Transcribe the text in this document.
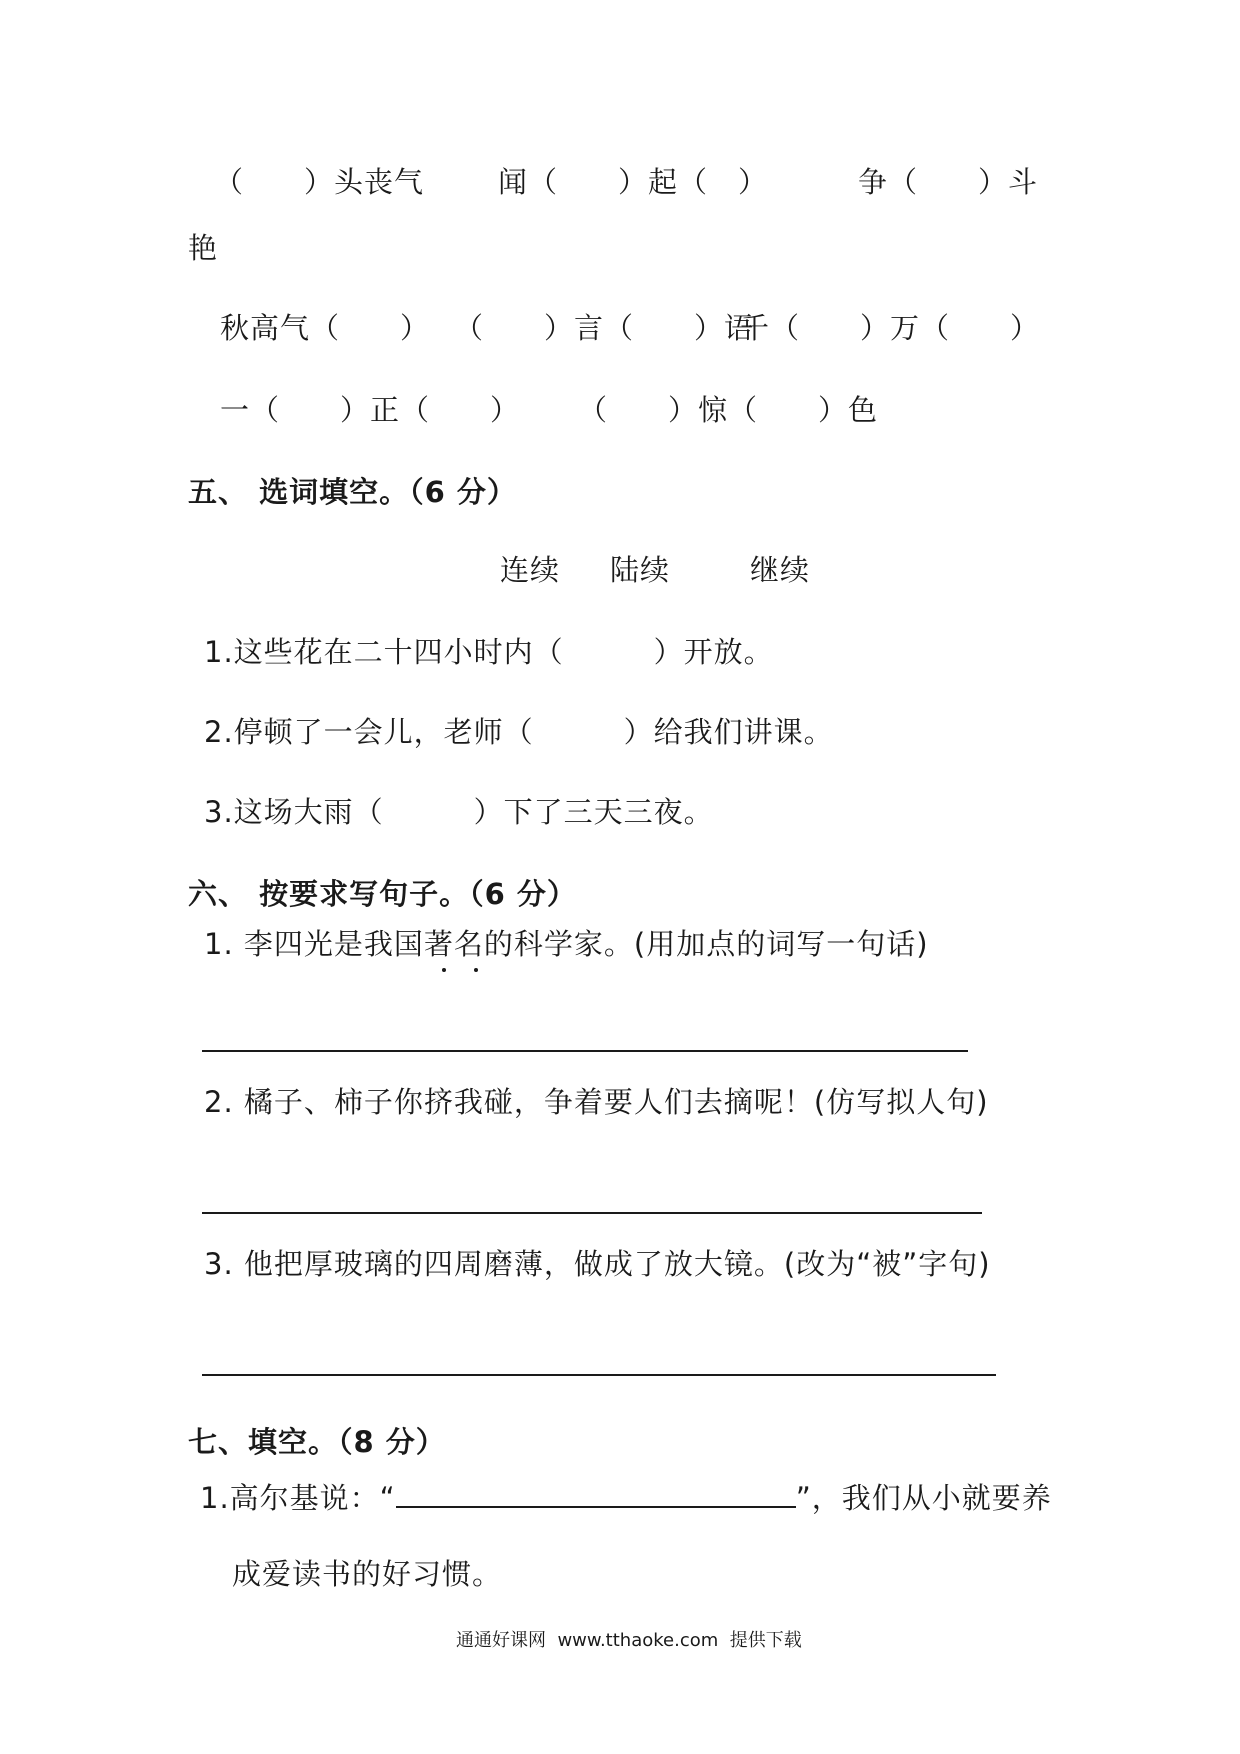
（　　）头丧气	闻（　　）起（　）	争（　　）斗
艳
秋高气（　　） （　　）言（　　）语
千（　　）万（　　）
一（　　）正（　　） （　　）惊（　　）色
五、 选词填空。（6 分）
连续 陆续	继续
1.这些花在二十四小时内（　　　）开放。
2.停顿了一会儿，老师（　　　）给我们讲课。
3.这场大雨（　　　）下了三天三夜。
六、 按要求写句子。（6 分）
1. 李四光是我国著名的科学家。(用加点的词写一句话)
2. 橘子、柿子你挤我碰，争着要人们去摘呢！(仿写拟人句)
3. 他把厚玻璃的四周磨薄，做成了放大镜。(改为“被”字句)
七、填空。（8 分）
1.高尔基说：“	”，我们从小就要养
成爱读书的好习惯。
通通好课网  www.tthaoke.com  提供下载
